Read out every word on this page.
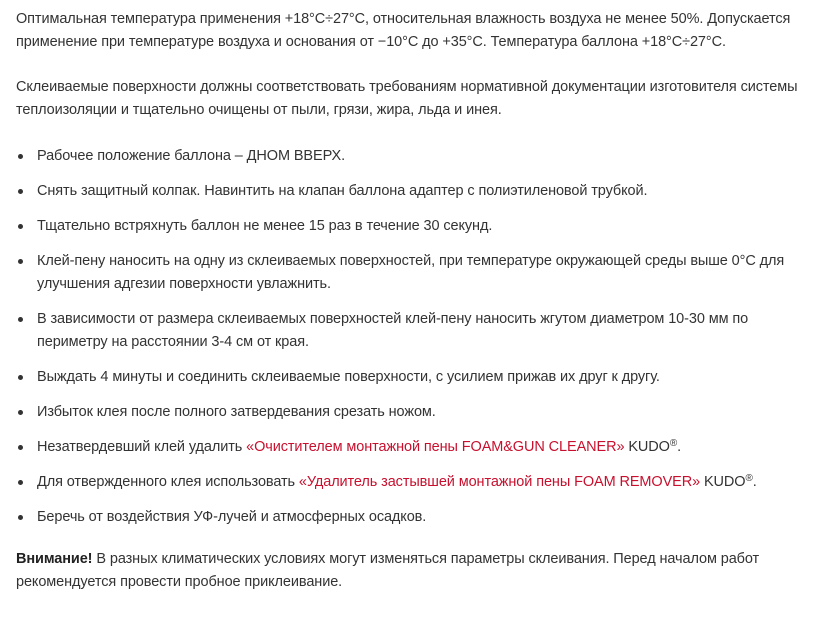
Оптимальная температура применения +18°C÷27°C, относительная влажность воздуха не менее 50%. Допускается применение при температуре воздуха и основания от −10°C до +35°C. Температура баллона +18°C÷27°C.

Склеиваемые поверхности должны соответствовать требованиям нормативной документации изготовителя системы теплоизоляции и тщательно очищены от пыли, грязи, жира, льда и инея.

Рабочее положение баллона – ДНОМ ВВЕРХ.
Снять защитный колпак. Навинтить на клапан баллона адаптер с полиэтиленовой трубкой.
Тщательно встряхнуть баллон не менее 15 раз в течение 30 секунд.
Клей-пену наносить на одну из склеиваемых поверхностей, при температуре окружающей среды выше 0°C для улучшения адгезии поверхности увлажнить.
В зависимости от размера склеиваемых поверхностей клей-пену наносить жгутом диаметром 10-30 мм по периметру на расстоянии 3-4 см от края.
Выждать 4 минуты и соединить склеиваемые поверхности, с усилием прижав их друг к другу.
Избыток клея после полного затвердевания срезать ножом.
Незатвердевший клей удалить «Очистителем монтажной пены FOAM&GUN CLEANER» KUDO®.
Для отвержденного клея использовать «Удалитель застывшей монтажной пены FOAM REMOVER» KUDO®.
Беречь от воздействия УФ-лучей и атмосферных осадков.

Внимание! В разных климатических условиях могут изменяться параметры склеивания. Перед началом работ рекомендуется провести пробное приклеивание.
